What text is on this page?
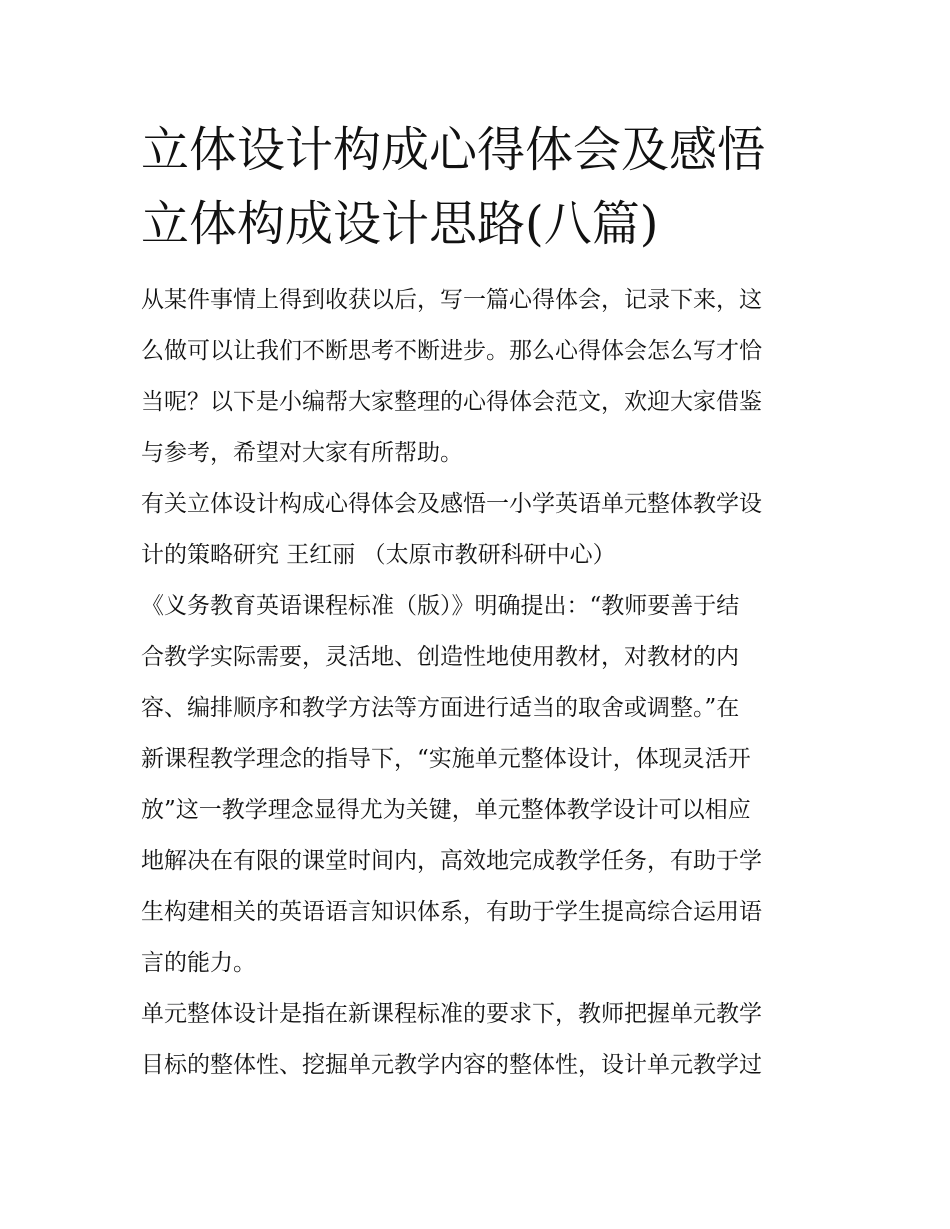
立体设计构成心得体会及感悟
立体构成设计思路(八篇)

从某件事情上得到收获以后，写一篇心得体会，记录下来，这
么做可以让我们不断思考不断进步。那么心得体会怎么写才恰
当呢？以下是小编帮大家整理的心得体会范文，欢迎大家借鉴
与参考，希望对大家有所帮助。

有关立体设计构成心得体会及感悟一小学英语单元整体教学设
计的策略研究 王红丽 （太原市教研科研中心）

《义务教育英语课程标准（版）》明确提出：“教师要善于结
合教学实际需要，灵活地、创造性地使用教材，对教材的内
容、编排顺序和教学方法等方面进行适当的取舍或调整。”在
新课程教学理念的指导下，“实施单元整体设计，体现灵活开
放”这一教学理念显得尤为关键，单元整体教学设计可以相应
地解决在有限的课堂时间内，高效地完成教学任务，有助于学
生构建相关的英语语言知识体系，有助于学生提高综合运用语
言的能力。

单元整体设计是指在新课程标准的要求下，教师把握单元教学
目标的整体性、挖掘单元教学内容的整体性，设计单元教学过
